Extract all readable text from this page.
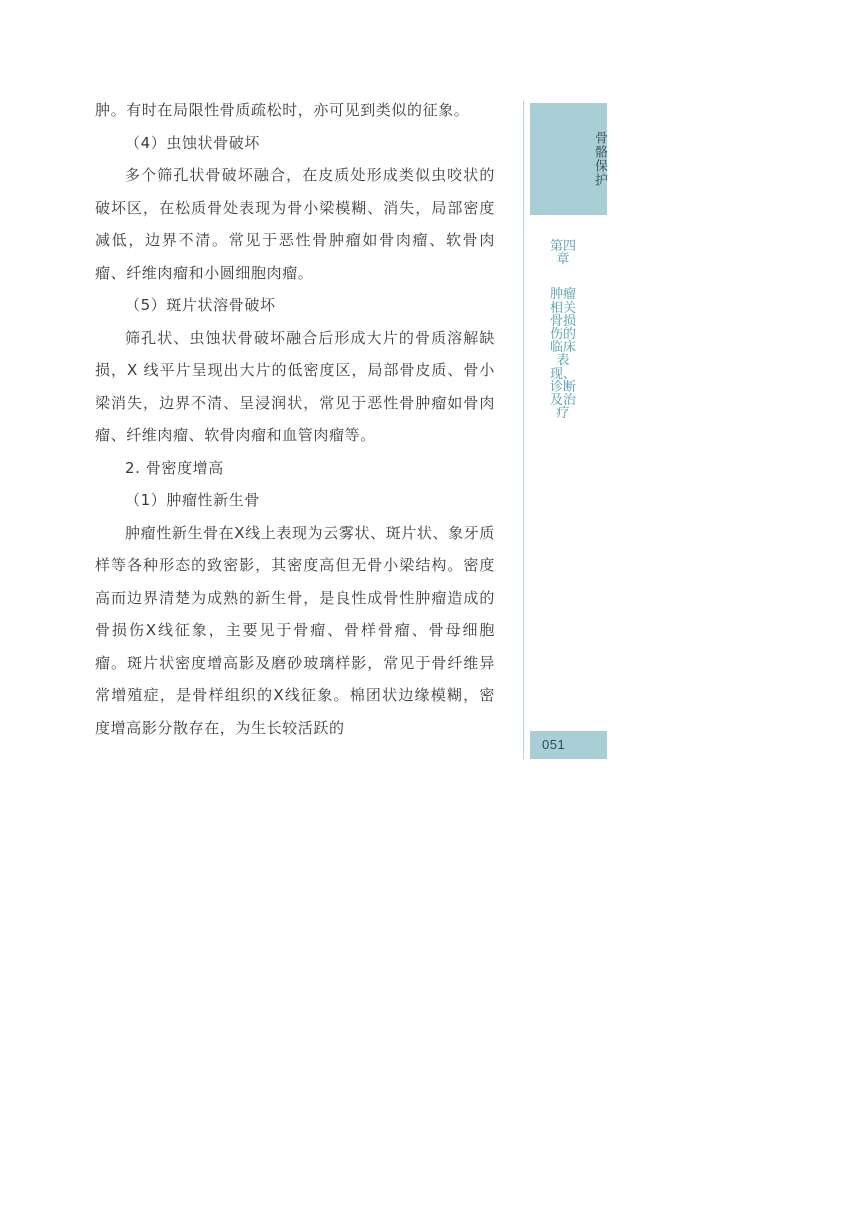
肿。有时在局限性骨质疏松时，亦可见到类似的征象。

（4）虫蚀状骨破坏

多个筛孔状骨破坏融合，在皮质处形成类似虫咬状的破坏区，在松质骨处表现为骨小梁模糊、消失，局部密度减低，边界不清。常见于恶性骨肿瘤如骨肉瘤、软骨肉瘤、纤维肉瘤和小圆细胞肉瘤。

（5）斑片状溶骨破坏

筛孔状、虫蚀状骨破坏融合后形成大片的骨质溶解缺损，X 线平片呈现出大片的低密度区，局部骨皮质、骨小梁消失，边界不清、呈浸润状，常见于恶性骨肿瘤如骨肉瘤、纤维肉瘤、软骨肉瘤和血管肉瘤等。

2. 骨密度增高

（1）肿瘤性新生骨

肿瘤性新生骨在X线上表现为云雾状、斑片状、象牙质样等各种形态的致密影，其密度高但无骨小梁结构。密度高而边界清楚为成熟的新生骨，是良性成骨性肿瘤造成的骨损伤X线征象，主要见于骨瘤、骨样骨瘤、骨母细胞瘤。斑片状密度增高影及磨砂玻璃样影，常见于骨纤维异常增殖症，是骨样组织的X线征象。棉团状边缘模糊，密度增高影分散存在，为生长较活跃的

骨骼保护
第四章
肿瘤相关骨损伤的临床表现、诊断及治疗
051
